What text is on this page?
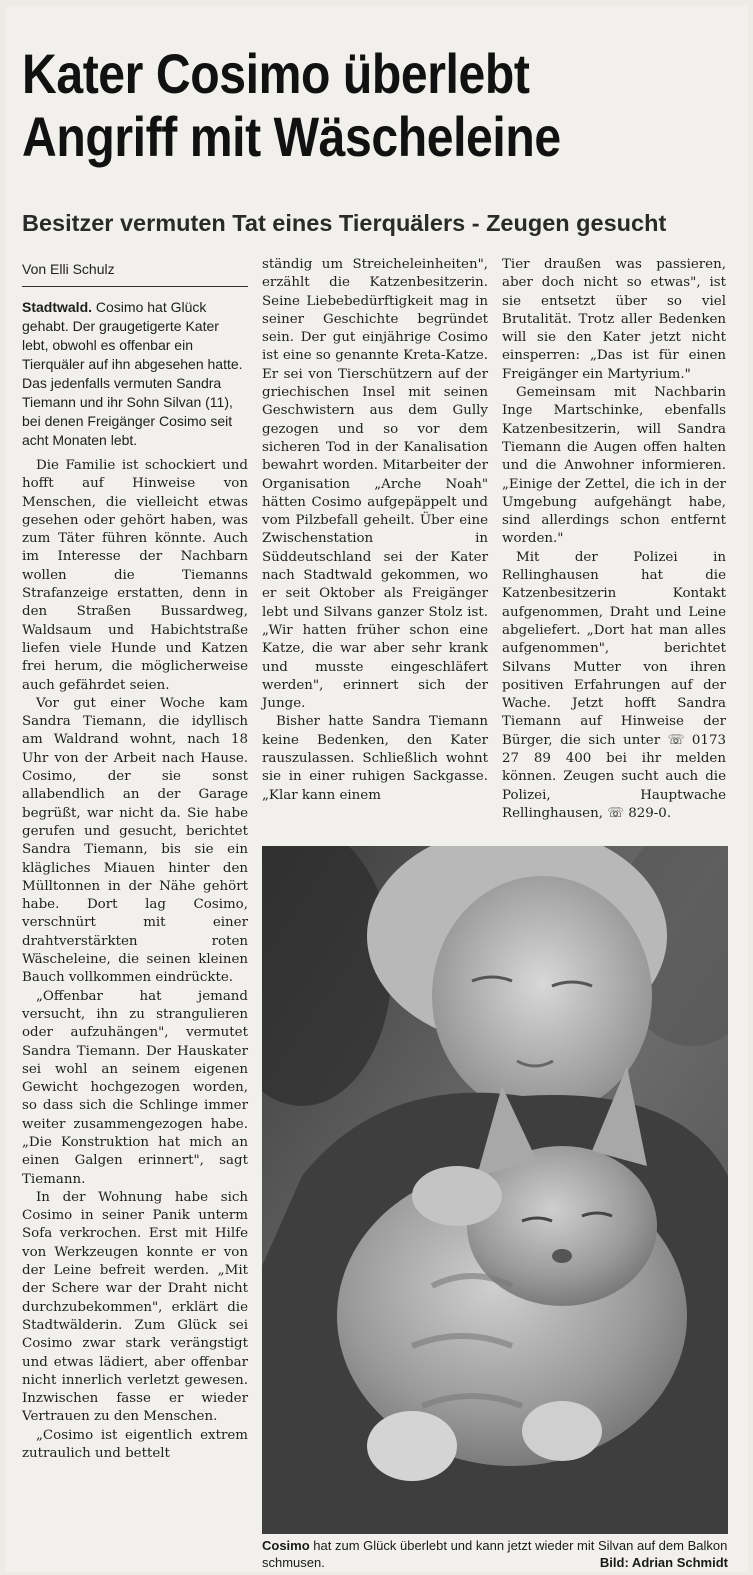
Kater Cosimo überlebt
Angriff mit Wäscheleine
Besitzer vermuten Tat eines Tierquälers - Zeugen gesucht
Von Elli Schulz

Stadtwald. Cosimo hat Glück gehabt. Der graugetigerte Kater lebt, obwohl es offenbar ein Tierquäler auf ihn abgesehen hatte. Das jedenfalls vermuten Sandra Tiemann und ihr Sohn Silvan (11), bei denen Freigänger Cosimo seit acht Monaten lebt.

Die Familie ist schockiert und hofft auf Hinweise von Menschen, die vielleicht etwas gesehen oder gehört haben, was zum Täter führen könnte. Auch im Interesse der Nachbarn wollen die Tiemanns Strafanzeige erstatten, denn in den Straßen Bussardweg, Waldsaum und Habichtstraße liefen viele Hunde und Katzen frei herum, die möglicherweise auch gefährdet seien.

Vor gut einer Woche kam Sandra Tiemann, die idyllisch am Waldrand wohnt, nach 18 Uhr von der Arbeit nach Hause. Cosimo, der sie sonst allabendlich an der Garage begrüßt, war nicht da. Sie habe gerufen und gesucht, berichtet Sandra Tiemann, bis sie ein klägliches Miauen hinter den Mülltonnen in der Nähe gehört habe. Dort lag Cosimo, verschnürt mit einer drahtverstärkten roten Wäscheleine, die seinen kleinen Bauch vollkommen eindrückte.

„Offenbar hat jemand versucht, ihn zu strangulieren oder aufzuhängen", vermutet Sandra Tiemann. Der Hauskater sei wohl an seinem eigenen Gewicht hochgezogen worden, so dass sich die Schlinge immer weiter zusammengezogen habe. „Die Konstruktion hat mich an einen Galgen erinnert", sagt Tiemann.

In der Wohnung habe sich Cosimo in seiner Panik unterm Sofa verkrochen. Erst mit Hilfe von Werkzeugen konnte er von der Leine befreit werden. „Mit der Schere war der Draht nicht durchzubekommen", erklärt die Stadtwälderin. Zum Glück sei Cosimo zwar stark verängstigt und etwas lädiert, aber offenbar nicht innerlich verletzt gewesen. Inzwischen fasse er wieder Vertrauen zu den Menschen.

„Cosimo ist eigentlich extrem zutraulich und bettelt

ständig um Streicheleinheiten", erzählt die Katzenbesitzerin. Seine Liebebedürftigkeit mag in seiner Geschichte begründet sein. Der gut einjährige Cosimo ist eine so genannte Kreta-Katze. Er sei von Tierschützern auf der griechischen Insel mit seinen Geschwistern aus dem Gully gezogen und so vor dem sicheren Tod in der Kanalisation bewahrt worden. Mitarbeiter der Organisation „Arche Noah" hätten Cosimo aufgepäppelt und vom Pilzbefall geheilt. Über eine Zwischenstation in Süddeutschland sei der Kater nach Stadtwald gekommen, wo er seit Oktober als Freigänger lebt und Silvans ganzer Stolz ist. „Wir hatten früher schon eine Katze, die war aber sehr krank und musste eingeschläfert werden", erinnert sich der Junge.

Bisher hatte Sandra Tiemann keine Bedenken, den Kater rauszulassen. Schließlich wohnt sie in einer ruhigen Sackgasse. „Klar kann einem

Tier draußen was passieren, aber doch nicht so etwas", ist sie entsetzt über so viel Brutalität. Trotz aller Bedenken will sie den Kater jetzt nicht einsperren: „Das ist für einen Freigänger ein Martyrium."

Gemeinsam mit Nachbarin Inge Martschinke, ebenfalls Katzenbesitzerin, will Sandra Tiemann die Augen offen halten und die Anwohner informieren. „Einige der Zettel, die ich in der Umgebung aufgehängt habe, sind allerdings schon entfernt worden."

Mit der Polizei in Rellinghausen hat die Katzenbesitzerin Kontakt aufgenommen, Draht und Leine abgeliefert. „Dort hat man alles aufgenommen", berichtet Silvans Mutter von ihren positiven Erfahrungen auf der Wache. Jetzt hofft Sandra Tiemann auf Hinweise der Bürger, die sich unter ☏ 0173 27 89 400 bei ihr melden können. Zeugen sucht auch die Polizei, Hauptwache Rellinghausen, ☏ 829-0.

Cosimo hat zum Glück überlebt und kann jetzt wieder mit Silvan auf dem Balkon schmusen.	Bild: Adrian Schmidt
